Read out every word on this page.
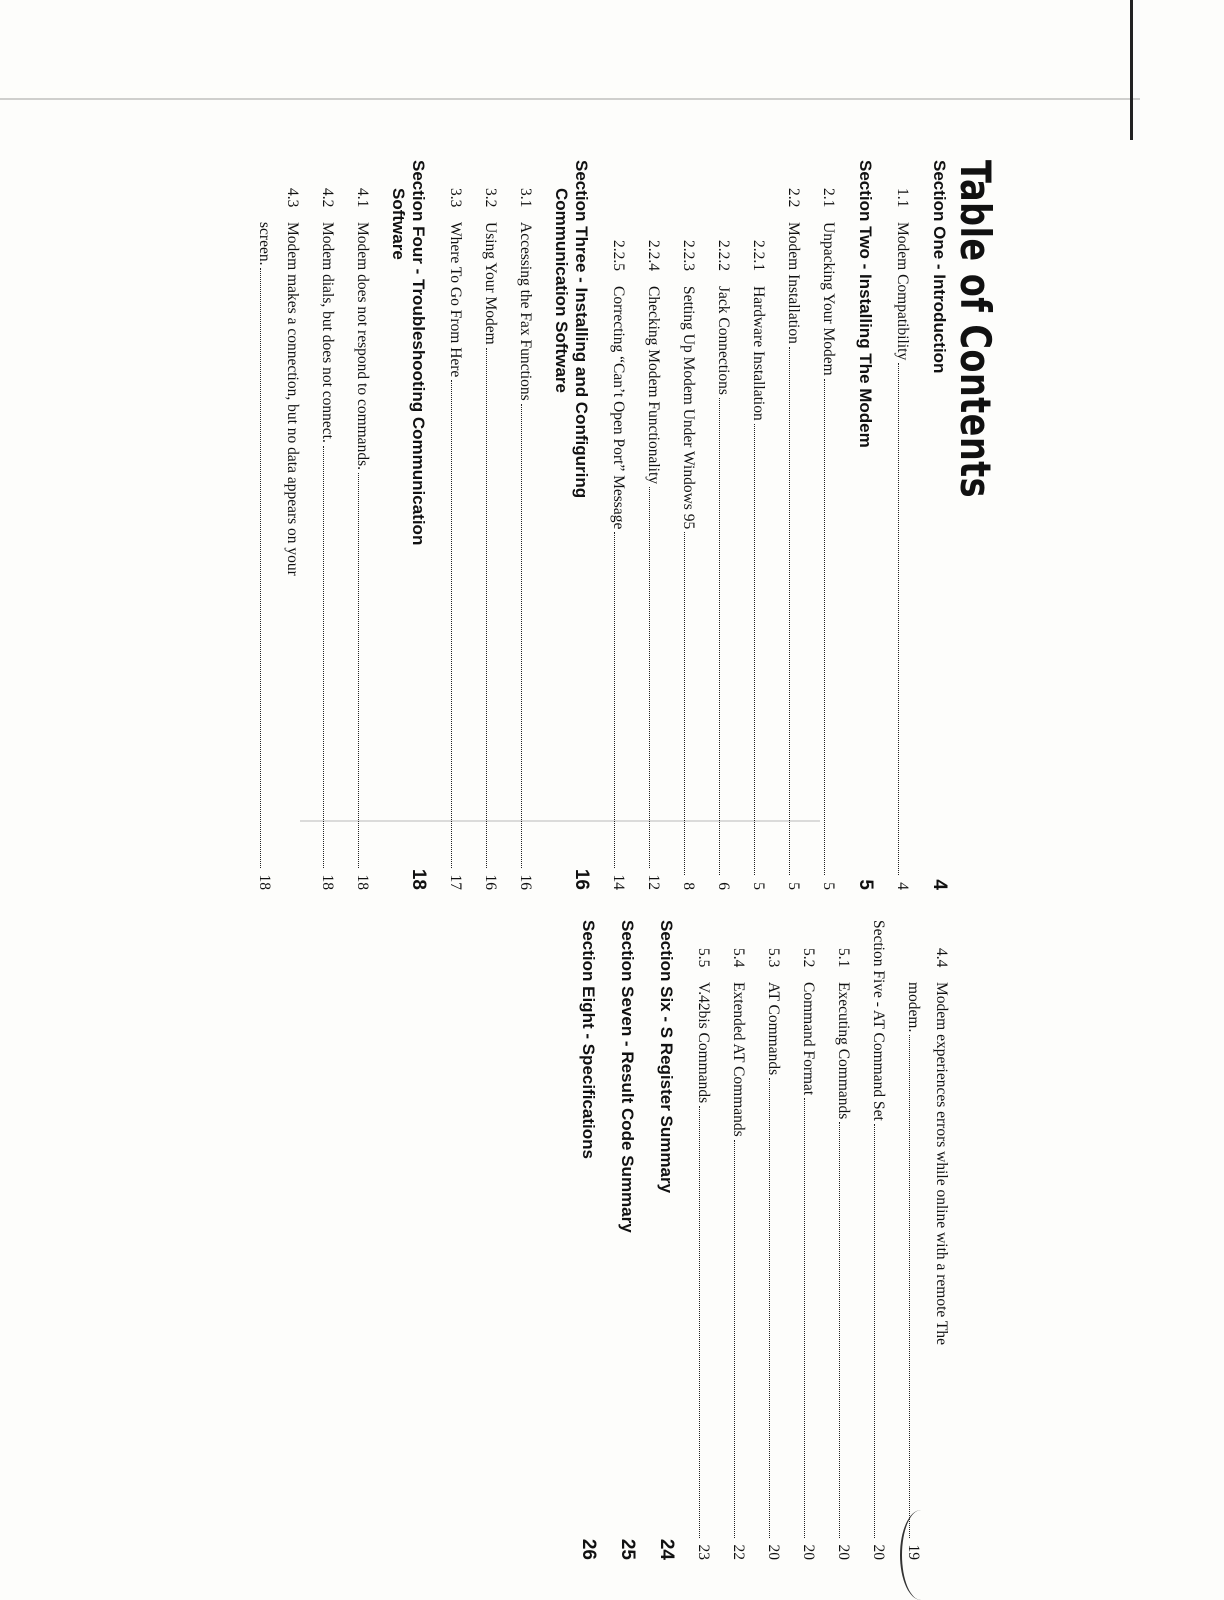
Table of Contents
Section One - Introduction
4
1.1
Modem Compatibility
4
Section Two - Installing The Modem
5
2.1
Unpacking Your Modem
5
2.2
Modem Installation
5
2.2.1
Hardware Installation
5
2.2.2
Jack Connections
6
2.2.3
Setting Up Modem Under Windows 95
8
2.2.4
Checking Modem Functionality
12
2.2.5
Correcting “Can’t Open Port” Message
14
Section Three - Installing and Configuring
Communication Software
16
3.1
Accessing the Fax Functions
16
3.2
Using Your Modem
16
3.3
Where To Go From Here
17
Section Four - Troubleshooting Communication
Software
18
4.1
Modem does not respond to commands.
18
4.2
Modem dials, but does not connect.
18
4.3
Modem makes a connection, but no data appears on your
screen.
18
4.4
Modem experiences errors while online with a remote The
modem.
19
Section Five - AT Command Set
20
5.1
Executing Commands
20
5.2
Command Format
20
5.3
AT Commands
20
5.4
Extended AT Commands
22
5.5
V.42bis Commands
23
Section Six - S Register Summary
24
Section Seven - Result Code Summary
25
Section Eight - Specifications
26
